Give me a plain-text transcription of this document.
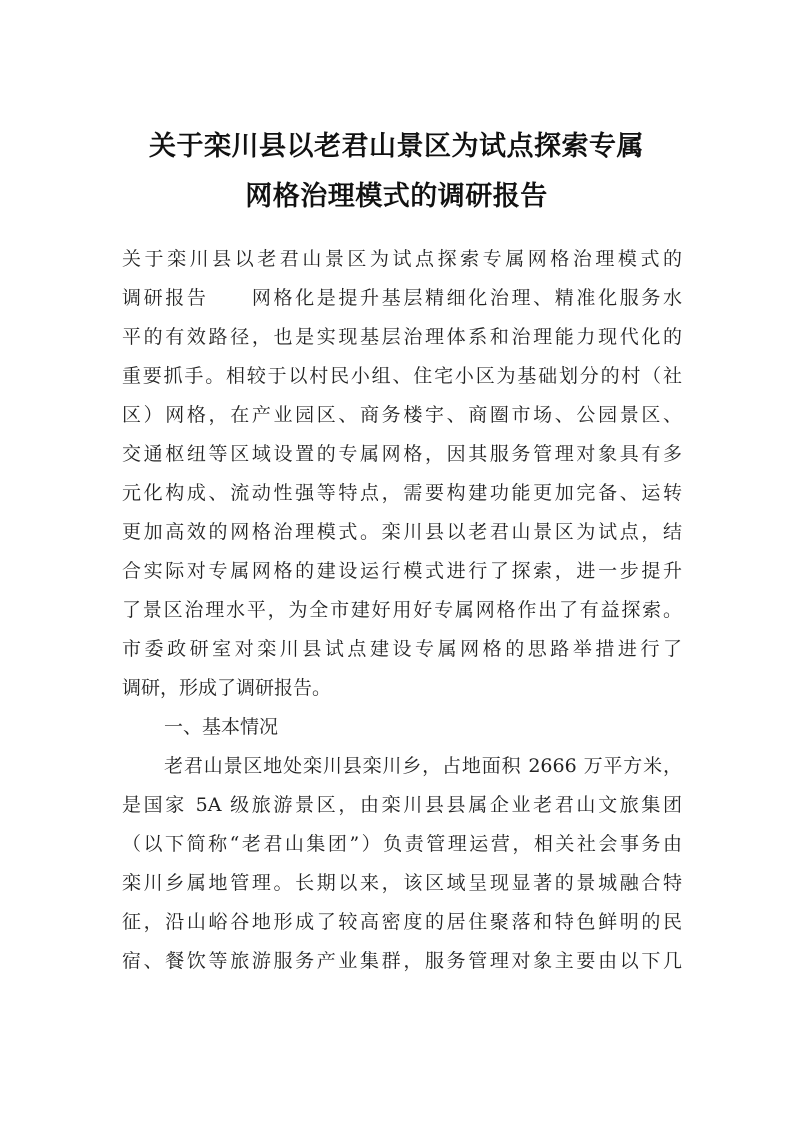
关于栾川县以老君山景区为试点探索专属
网格治理模式的调研报告
关于栾川县以老君山景区为试点探索专属网格治理模式的
调研报告　　网格化是提升基层精细化治理、精准化服务水
平的有效路径，也是实现基层治理体系和治理能力现代化的
重要抓手。相较于以村民小组、住宅小区为基础划分的村（社
区）网格，在产业园区、商务楼宇、商圈市场、公园景区、
交通枢纽等区域设置的专属网格，因其服务管理对象具有多
元化构成、流动性强等特点，需要构建功能更加完备、运转
更加高效的网格治理模式。栾川县以老君山景区为试点，结
合实际对专属网格的建设运行模式进行了探索，进一步提升
了景区治理水平，为全市建好用好专属网格作出了有益探索。
市委政研室对栾川县试点建设专属网格的思路举措进行了
调研，形成了调研报告。
一、基本情况
老君山景区地处栾川县栾川乡，占地面积 2666 万平方米，
是国家 5A 级旅游景区，由栾川县县属企业老君山文旅集团
（以下简称“老君山集团”）负责管理运营，相关社会事务由
栾川乡属地管理。长期以来，该区域呈现显著的景城融合特
征，沿山峪谷地形成了较高密度的居住聚落和特色鲜明的民
宿、餐饮等旅游服务产业集群，服务管理对象主要由以下几
